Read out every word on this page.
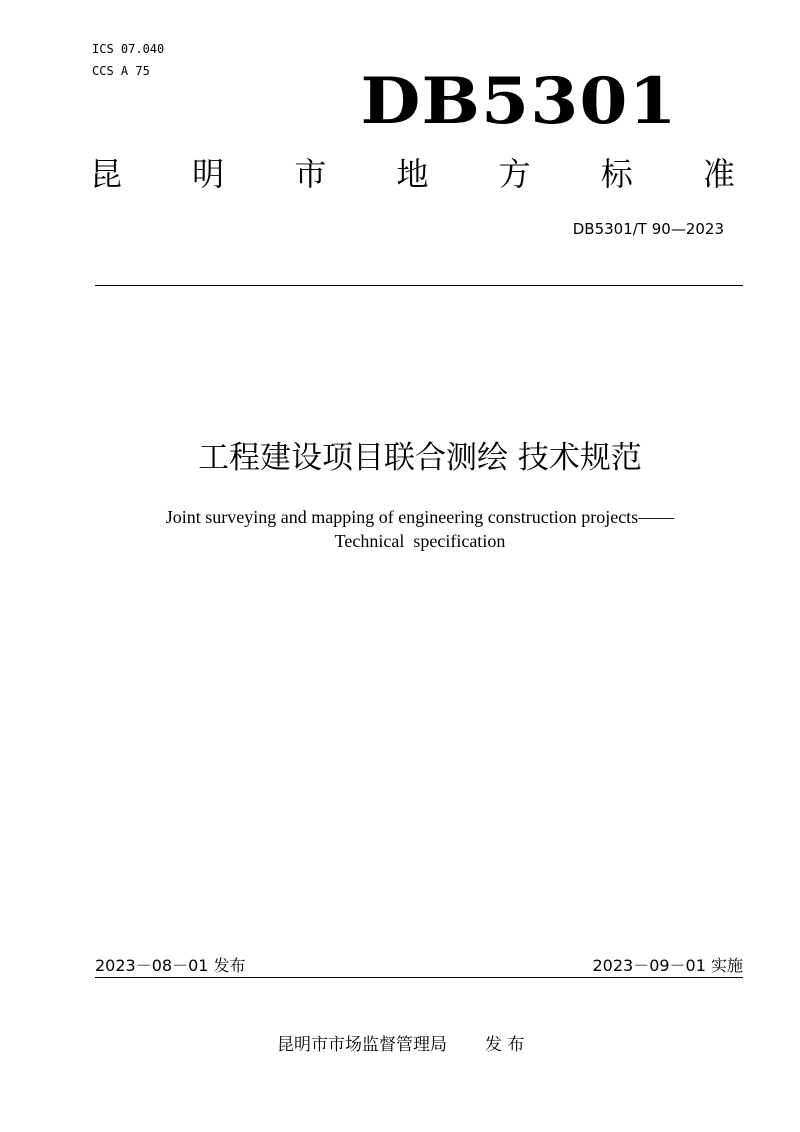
ICS 07.040
CCS A 75	DB5301
昆 明 市 地 方 标 准
DB5301/T 90—2023
工程建设项目联合测绘 技术规范
Joint surveying and mapping of engineering construction projects——
Technical  specification
2023－08－01 发布	2023－09－01 实施
昆明市市场监督管理局 发 布
